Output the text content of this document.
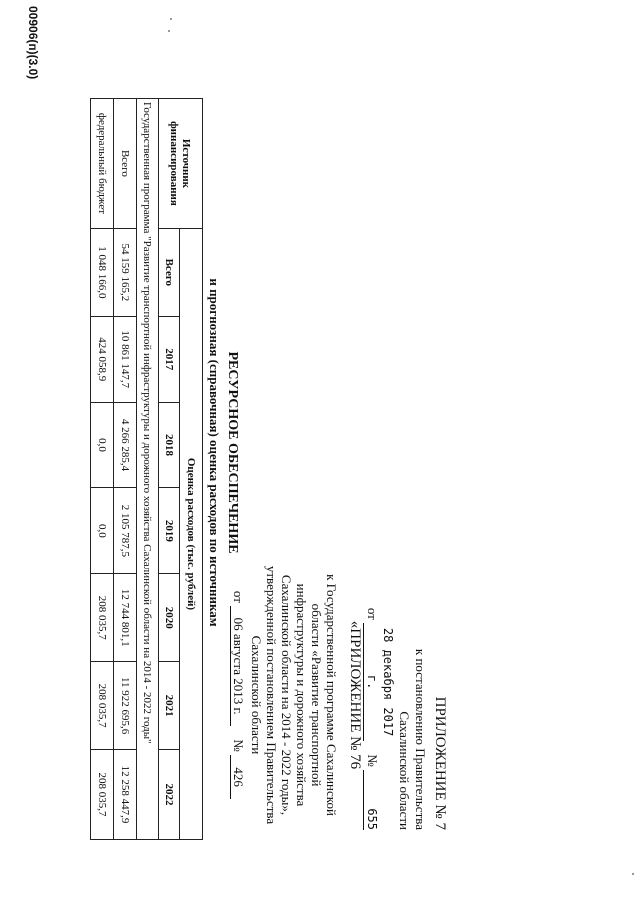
ПРИЛОЖЕНИЕ № 7
к постановлению Правительства
Сахалинской области
от 28 декабря 2017 г. № 655
«ПРИЛОЖЕНИЕ № 76
к Государственной программе Сахалинской
области «Развитие транспортной
инфраструктуры и дорожного хозяйства
Сахалинской области на 2014 - 2022 годы»,
утвержденной постановлением Правительства
Сахалинской области
от 06 августа 2013 г. № 426
РЕСУРСНОЕ ОБЕСПЕЧЕНИЕ
и прогнозная (справочная) оценка расходов по источникам
Источник финансирования	Оценка расходов (тыс. рублей)						
	Всего	2017	2018	2019	2020	2021	2022
Государственная программа "Развитие транспортной инфраструктуры и дорожного хозяйства Сахалинской области на 2014 - 2022 годы"							
Всего	54 159 165,2	10 861 147,7	4 266 285,4	2 105 787,5	12 744 801,1	11 922 695,6	12 258 447,9
федеральный бюджет	1 048 166,0	424 058,9	0,0	0,0	208 035,7	208 035,7	208 035,7
00906(п)(3.0)
